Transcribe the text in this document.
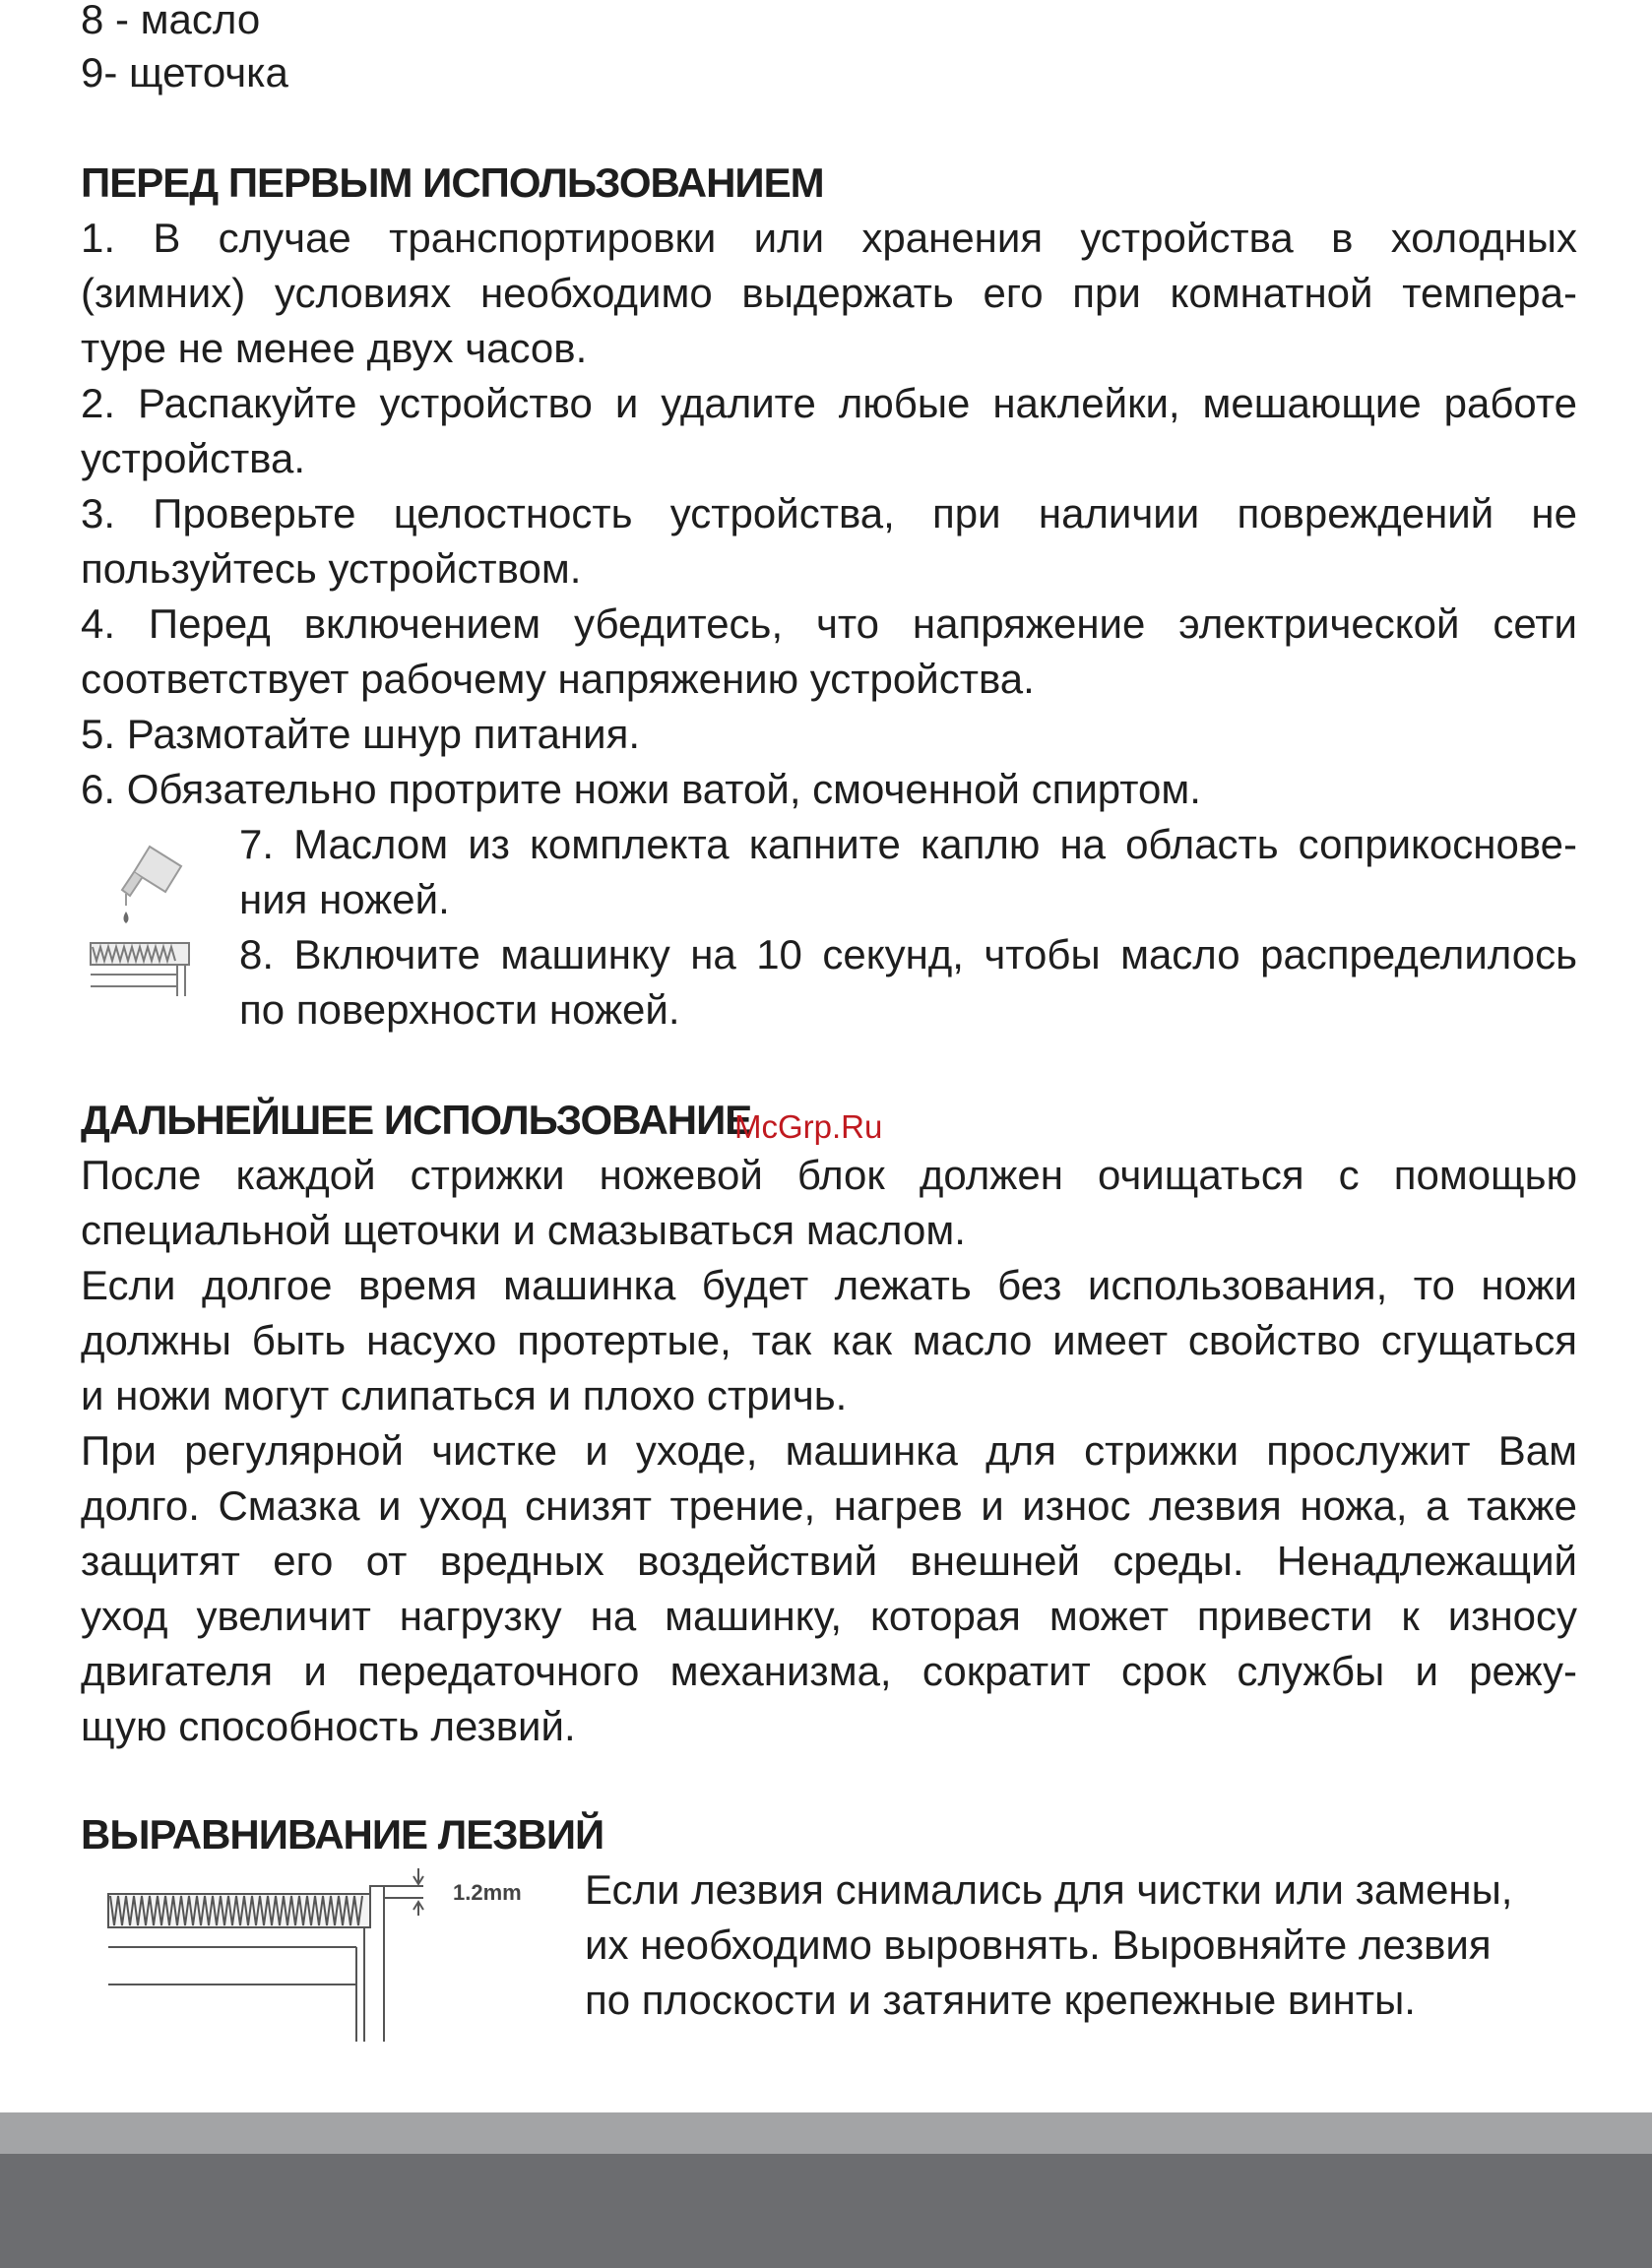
8 - масло

9- щеточка

ПЕРЕД ПЕРВЫМ ИСПОЛЬЗОВАНИЕМ

1. В случае транспортировки или хранения устройства в холодных

(зимних) условиях необходимо выдержать его при комнатной темпера-

туре не менее двух часов.

2. Распакуйте устройство и удалите любые наклейки, мешающие работе

устройства.

3. Проверьте целостность устройства, при наличии повреждений не

пользуйтесь устройством.

4. Перед включением убедитесь, что напряжение электрической сети

соответствует рабочему напряжению устройства.

5. Размотайте шнур питания.

6. Обязательно протрите ножи ватой, смоченной спиртом.

7. Маслом из комплекта капните каплю на область соприкоснове-

ния ножей.

8. Включите машинку на 10 секунд, чтобы масло распределилось

по поверхности ножей.

ДАЛЬНЕЙШЕЕ ИСПОЛЬЗОВАНИЕ

После каждой стрижки ножевой блок должен очищаться с помощью

специальной щеточки и смазываться маслом.

Если долгое время машинка будет лежать без использования, то ножи

должны быть насухо протертые, так как масло имеет свойство сгущаться

и ножи могут слипаться и плохо стричь.

При регулярной чистке и уходе, машинка для стрижки прослужит Вам

долго. Смазка и уход снизят трение, нагрев и износ лезвия ножа, а также

защитят его от вредных воздействий внешней среды. Ненадлежащий

уход увеличит нагрузку на машинку, которая может привести к износу

двигателя и передаточного механизма, сократит срок службы и режу-

щую способность лезвий.

McGrp.Ru

ВЫРАВНИВАНИЕ ЛЕЗВИЙ

1.2mm Если лезвия снимались для чистки или замены,

их необходимо выровнять. Выровняйте лезвия

по плоскости и затяните крепежные винты.
